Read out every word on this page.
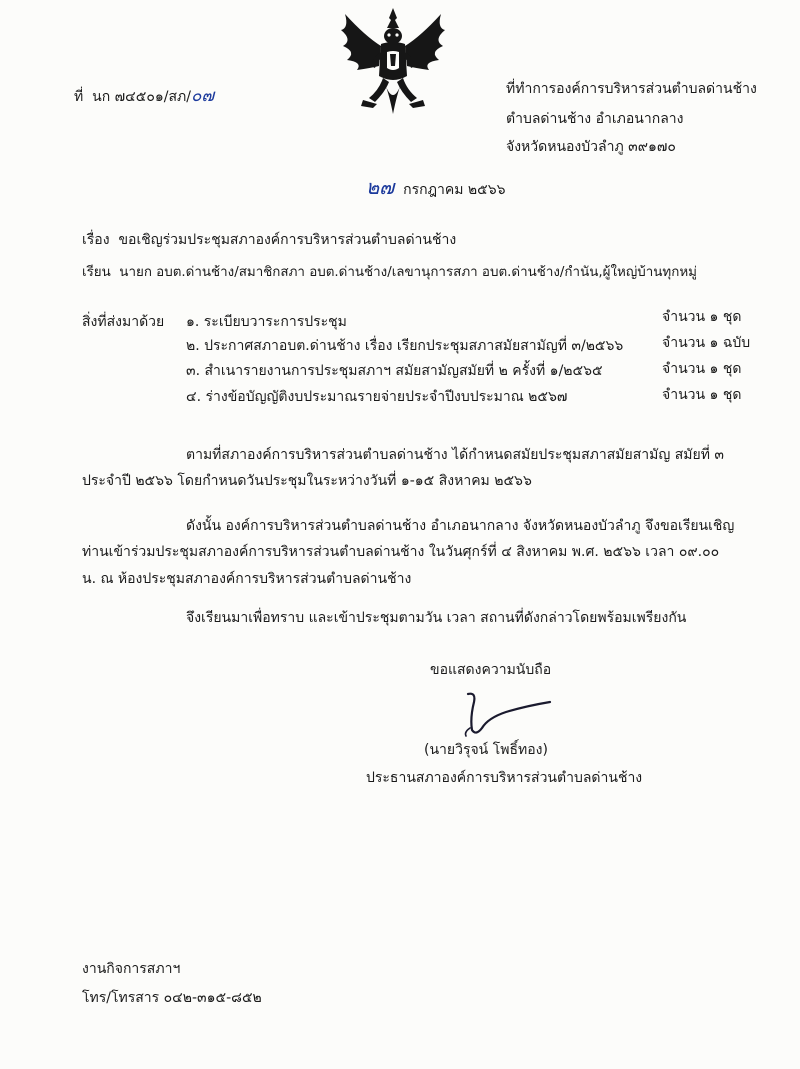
ที่ นก ๗๔๕๐๑/สภ/๐๗	ที่ทำการองค์การบริหารส่วนตำบลด่านช้าง
ตำบลด่านช้าง อำเภอนากลาง
จังหวัดหนองบัวลำภู ๓๙๑๗๐
๒๗ กรกฎาคม ๒๕๖๖
เรื่อง ขอเชิญร่วมประชุมสภาองค์การบริหารส่วนตำบลด่านช้าง
เรียน นายก อบต.ด่านช้าง/สมาชิกสภา อบต.ด่านช้าง/เลขานุการสภา อบต.ด่านช้าง/กำนัน,ผู้ใหญ่บ้านทุกหมู่
สิ่งที่ส่งมาด้วย ๑. ระเบียบวาระการประชุม	จำนวน ๑ ชุด
๒. ประกาศสภาอบต.ด่านช้าง เรื่อง เรียกประชุมสภาสมัยสามัญที่ ๓/๒๕๖๖	จำนวน ๑ ฉบับ
๓. สำเนารายงานการประชุมสภาฯ สมัยสามัญสมัยที่ ๒ ครั้งที่ ๑/๒๕๖๕	จำนวน ๑ ชุด
๔. ร่างข้อบัญญัติงบประมาณรายจ่ายประจำปีงบประมาณ ๒๕๖๗	จำนวน ๑ ชุด
ตามที่สภาองค์การบริหารส่วนตำบลด่านช้าง ได้กำหนดสมัยประชุมสภาสมัยสามัญ สมัยที่ ๓
ประจำปี ๒๕๖๖ โดยกำหนดวันประชุมในระหว่างวันที่ ๑-๑๕ สิงหาคม ๒๕๖๖
ดังนั้น องค์การบริหารส่วนตำบลด่านช้าง อำเภอนากลาง จังหวัดหนองบัวลำภู จึงขอเรียนเชิญ
ท่านเข้าร่วมประชุมสภาองค์การบริหารส่วนตำบลด่านช้าง ในวันศุกร์ที่ ๔ สิงหาคม พ.ศ. ๒๕๖๖ เวลา ๐๙.๐๐
น. ณ ห้องประชุมสภาองค์การบริหารส่วนตำบลด่านช้าง
จึงเรียนมาเพื่อทราบ และเข้าประชุมตามวัน เวลา สถานที่ดังกล่าวโดยพร้อมเพรียงกัน
ขอแสดงความนับถือ
(นายวิรุจน์ โพธิ์ทอง)
ประธานสภาองค์การบริหารส่วนตำบลด่านช้าง
งานกิจการสภาฯ
โทร/โทรสาร ๐๔๒-๓๑๕-๘๕๒
